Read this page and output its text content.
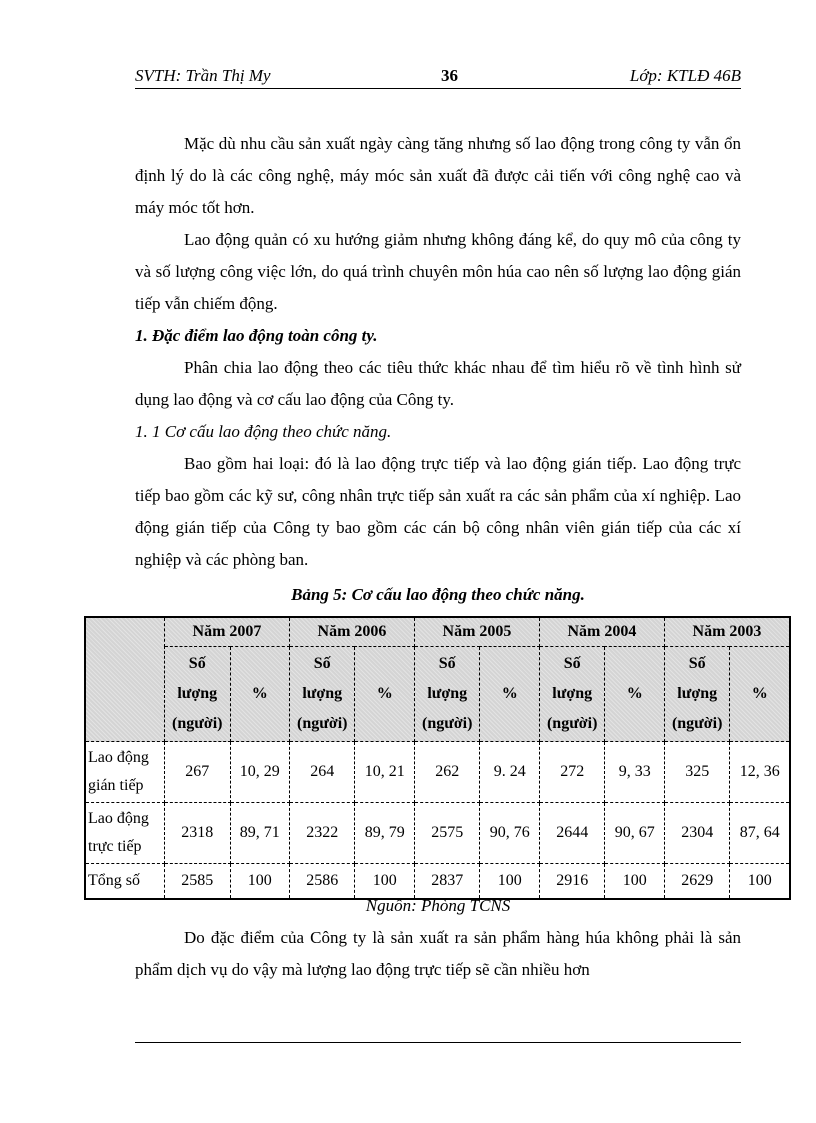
SVTH: Trần Thị My	36	Lớp: KTLĐ 46B

Mặc dù nhu cầu sản xuất ngày càng tăng nhưng số lao động trong công ty vẫn ổn định lý do là các công nghệ, máy móc sản xuất đã được cải tiến với công nghệ cao và máy móc tốt hơn.

Lao động quản có xu hướng giảm nhưng không đáng kể, do quy mô của công ty và số lượng công việc lớn, do quá trình chuyên môn húa cao nên số lượng lao động gián tiếp vẫn chiếm động.

1. Đặc điểm lao động toàn công ty.

Phân chia lao động theo các tiêu thức khác nhau để tìm hiểu rõ về tình hình sử dụng lao động và cơ cấu lao động của Công ty.

1. 1 Cơ cấu lao động theo chức năng.

Bao gồm hai loại: đó là lao động trực tiếp và lao động gián tiếp. Lao động trực tiếp bao gồm các kỹ sư, công nhân trực tiếp sản xuất ra các sản phẩm của xí nghiệp. Lao động gián tiếp của Công ty bao gồm các cán bộ công nhân viên gián tiếp của các xí nghiệp và các phòng ban.

Bảng 5: Cơ cấu lao động theo chức năng.
	Năm 2007		Năm 2006		Năm 2005		Năm 2004		Năm 2003	
	Số lượng (người)	%	Số lượng (người)	%	Số lượng (người)	%	Số lượng (người)	%	Số lượng (người)	%
Lao động gián tiếp	267	10, 29	264	10, 21	262	9. 24	272	9, 33	325	12, 36
Lao động trực tiếp	2318	89, 71	2322	89, 79	2575	90, 76	2644	90, 67	2304	87, 64
Tổng số	2585	100	2586	100	2837	100	2916	100	2629	100
Nguồn: Phòng TCNS

Do đặc điểm của Công ty là sản xuất ra sản phẩm hàng húa không phải là sản phẩm dịch vụ do vậy mà lượng lao động trực tiếp sẽ cần nhiều hơn
